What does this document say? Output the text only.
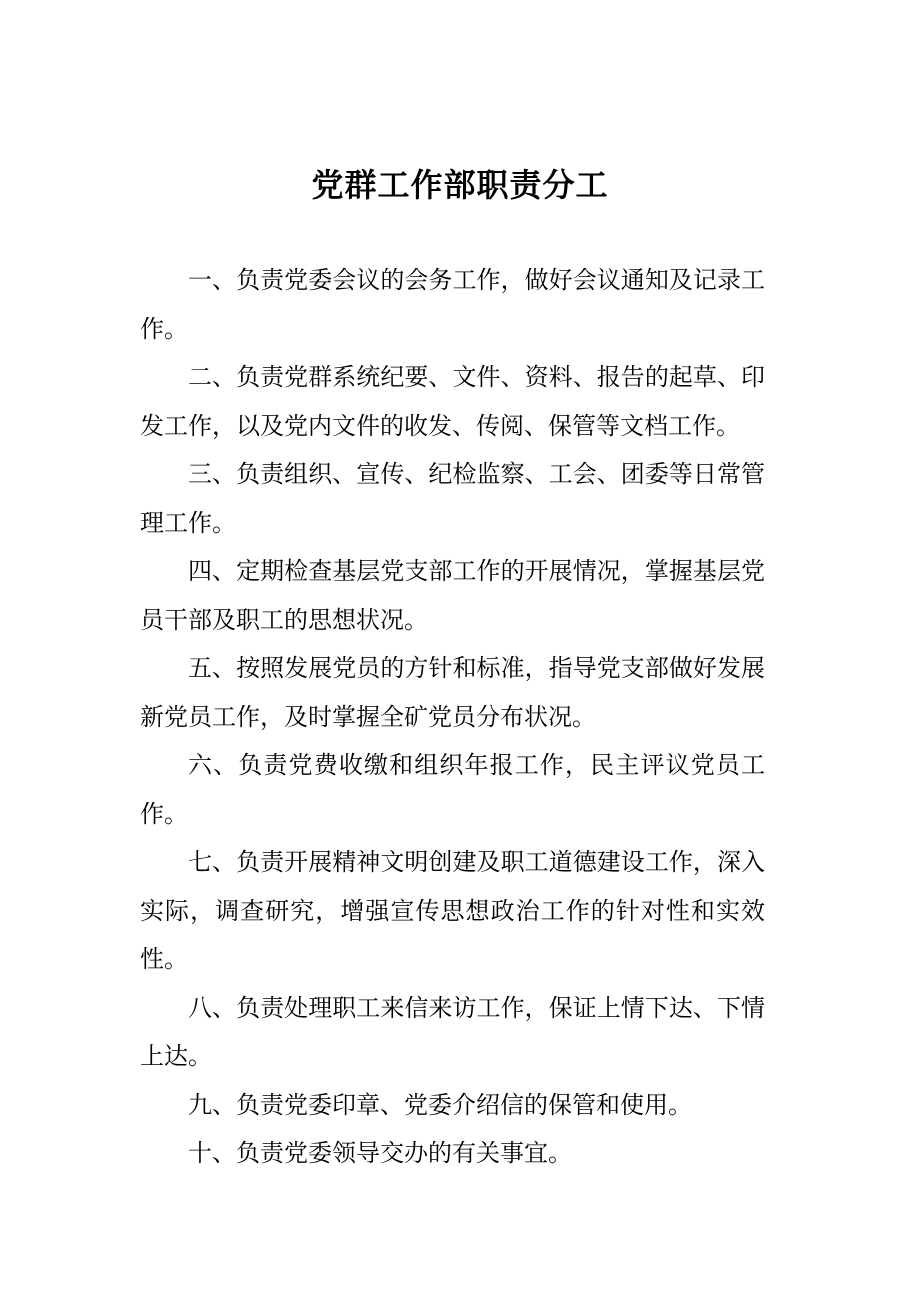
党群工作部职责分工

一、负责党委会议的会务工作，做好会议通知及记录工作。

二、负责党群系统纪要、文件、资料、报告的起草、印发工作，以及党内文件的收发、传阅、保管等文档工作。

三、负责组织、宣传、纪检监察、工会、团委等日常管理工作。

四、定期检查基层党支部工作的开展情况，掌握基层党员干部及职工的思想状况。

五、按照发展党员的方针和标准，指导党支部做好发展新党员工作，及时掌握全矿党员分布状况。

六、负责党费收缴和组织年报工作，民主评议党员工作。

七、负责开展精神文明创建及职工道德建设工作，深入实际，调查研究，增强宣传思想政治工作的针对性和实效性。

八、负责处理职工来信来访工作，保证上情下达、下情上达。

九、负责党委印章、党委介绍信的保管和使用。

十、负责党委领导交办的有关事宜。
